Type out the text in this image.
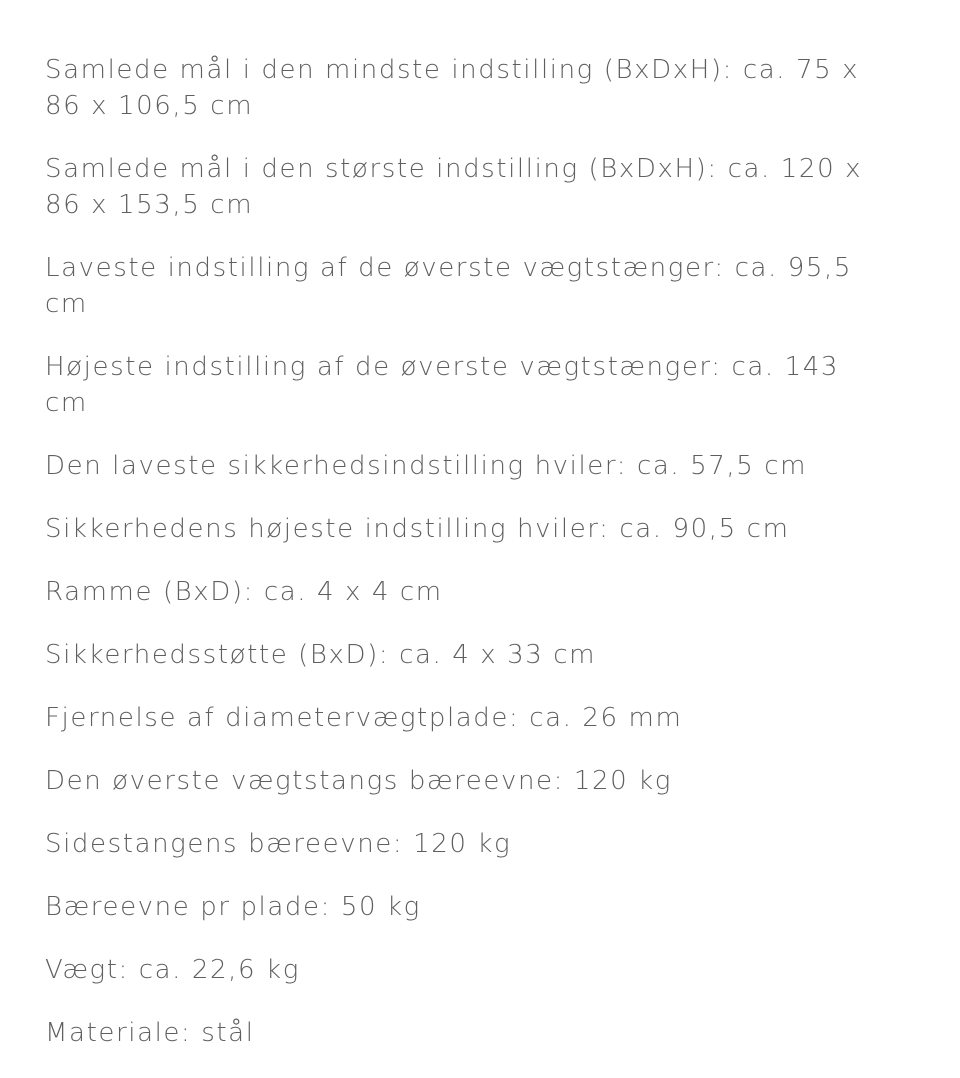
Samlede mål i den mindste indstilling (BxDxH): ca. 75 x 86 x 106,5 cm
Samlede mål i den største indstilling (BxDxH): ca. 120 x 86 x 153,5 cm
Laveste indstilling af de øverste vægtstænger: ca. 95,5 cm
Højeste indstilling af de øverste vægtstænger: ca. 143 cm
Den laveste sikkerhedsindstilling hviler: ca. 57,5 cm
Sikkerhedens højeste indstilling hviler: ca. 90,5 cm
Ramme (BxD): ca. 4 x 4 cm
Sikkerhedsstøtte (BxD): ca. 4 x 33 cm
Fjernelse af diametervægtplade: ca. 26 mm
Den øverste vægtstangs bæreevne: 120 kg
Sidestangens bæreevne: 120 kg
Bæreevne pr plade: 50 kg
Vægt: ca. 22,6 kg
Materiale: stål
